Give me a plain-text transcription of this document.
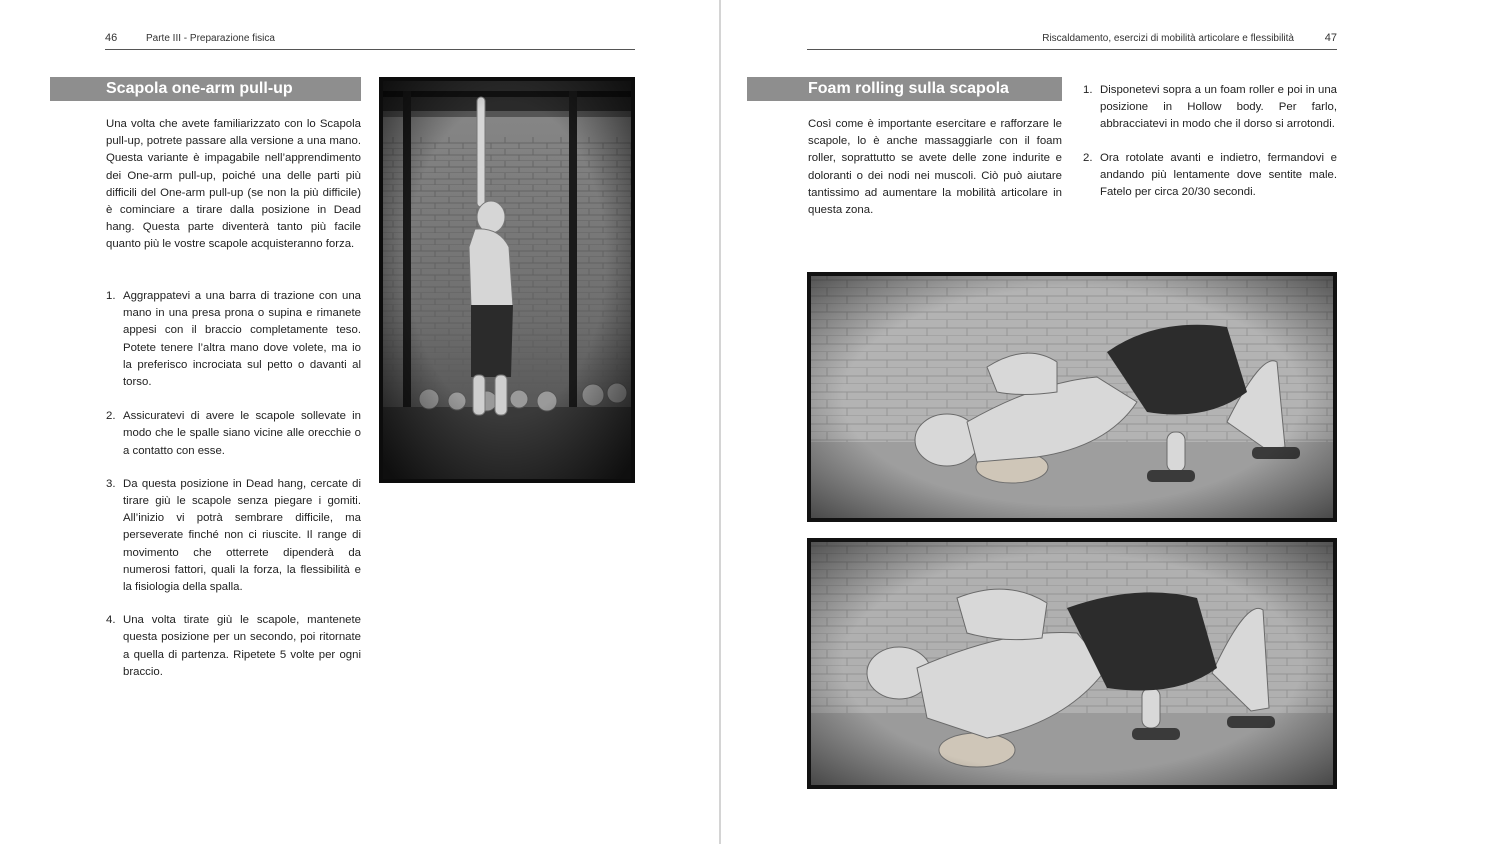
46	Parte III - Preparazione fisica
Scapola one-arm pull-up

Una volta che avete familiarizzato con lo Scapola pull-up, potrete passare alla versione a una mano. Questa variante è impagabile nell’apprendimento dei One-arm pull-up, poiché una delle parti più difficili del One-arm pull-up (se non la più difficile) è cominciare a tirare dalla posizione in Dead hang. Questa parte diventerà tanto più facile quanto più le vostre scapole acquisteranno forza.

1. Aggrappatevi a una barra di trazione con una mano in una presa prona o supina e rimanete appesi con il braccio completamente teso. Potete tenere l’altra mano dove volete, ma io la preferisco incrociata sul petto o davanti al torso.
2. Assicuratevi di avere le scapole sollevate in modo che le spalle siano vicine alle orecchie o a contatto con esse.
3. Da questa posizione in Dead hang, cercate di tirare giù le scapole senza piegare i gomiti. All’inizio vi potrà sembrare difficile, ma perseverate finché non ci riuscite. Il range di movimento che otterrete dipenderà da numerosi fattori, quali la forza, la flessibilità e la fisiologia della spalla.
4. Una volta tirate giù le scapole, mantenete questa posizione per un secondo, poi ritornate a quella di partenza. Ripetete 5 volte per ogni braccio.
Riscaldamento, esercizi di mobilità articolare e flessibilità	47
Foam rolling sulla scapola

Così come è importante esercitare e rafforzare le scapole, lo è anche massaggiarle con il foam roller, soprattutto se avete delle zone indurite e doloranti o dei nodi nei muscoli. Ciò può aiutare tantissimo ad aumentare la mobilità articolare in questa zona.

1. Disponetevi sopra a un foam roller e poi in una posizione in Hollow body. Per farlo, abbracciatevi in modo che il dorso si arrotondi.
2. Ora rotolate avanti e indietro, fermandovi e andando più lentamente dove sentite male. Fatelo per circa 20/30 secondi.
